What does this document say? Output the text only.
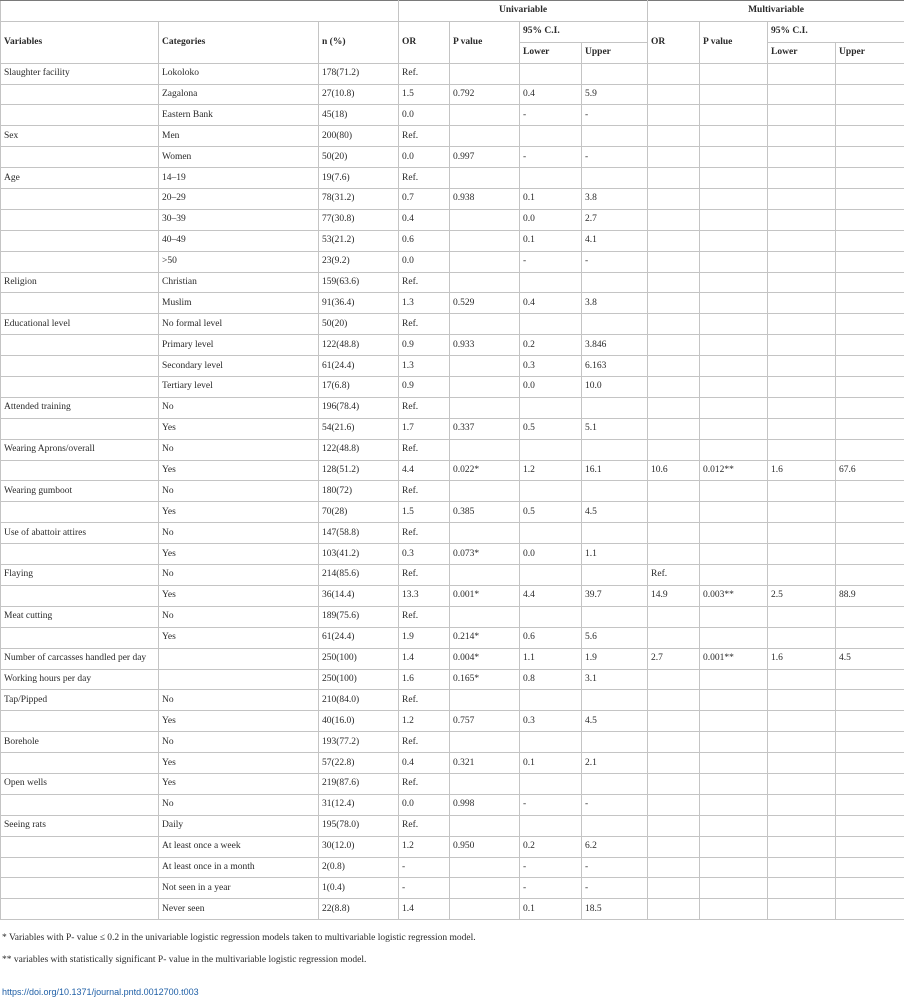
			Univariable				Multivariable			
Variables	Categories	n (%)	OR	P value	95% C.I.		OR	P value	95% C.I.	
					Lower	Upper			Lower	Upper
Slaughter facility	Lokoloko	178(71.2)	Ref.							
	Zagalona	27(10.8)	1.5	0.792	0.4	5.9				
	Eastern Bank	45(18)	0.0		-	-				
Sex	Men	200(80)	Ref.							
	Women	50(20)	0.0	0.997	-	-				
Age	14–19	19(7.6)	Ref.							
	20–29	78(31.2)	0.7	0.938	0.1	3.8				
	30–39	77(30.8)	0.4		0.0	2.7				
	40–49	53(21.2)	0.6		0.1	4.1				
	>50	23(9.2)	0.0		-	-				
Religion	Christian	159(63.6)	Ref.							
	Muslim	91(36.4)	1.3	0.529	0.4	3.8				
Educational level	No formal level	50(20)	Ref.							
	Primary level	122(48.8)	0.9	0.933	0.2	3.846				
	Secondary level	61(24.4)	1.3		0.3	6.163				
	Tertiary level	17(6.8)	0.9		0.0	10.0				
Attended training	No	196(78.4)	Ref.							
	Yes	54(21.6)	1.7	0.337	0.5	5.1				
Wearing Aprons/overall	No	122(48.8)	Ref.							
	Yes	128(51.2)	4.4	0.022*	1.2	16.1	10.6	0.012**	1.6	67.6
Wearing gumboot	No	180(72)	Ref.							
	Yes	70(28)	1.5	0.385	0.5	4.5				
Use of abattoir attires	No	147(58.8)	Ref.							
	Yes	103(41.2)	0.3	0.073*	0.0	1.1				
Flaying	No	214(85.6)	Ref.				Ref.			
	Yes	36(14.4)	13.3	0.001*	4.4	39.7	14.9	0.003**	2.5	88.9
Meat cutting	No	189(75.6)	Ref.							
	Yes	61(24.4)	1.9	0.214*	0.6	5.6				
Number of carcasses handled per day		250(100)	1.4	0.004*	1.1	1.9	2.7	0.001**	1.6	4.5
Working hours per day		250(100)	1.6	0.165*	0.8	3.1				
Tap/Pipped	No	210(84.0)	Ref.							
	Yes	40(16.0)	1.2	0.757	0.3	4.5				
Borehole	No	193(77.2)	Ref.							
	Yes	57(22.8)	0.4	0.321	0.1	2.1				
Open wells	Yes	219(87.6)	Ref.							
	No	31(12.4)	0.0	0.998	-	-				
Seeing rats	Daily	195(78.0)	Ref.							
	At least once a week	30(12.0)	1.2	0.950	0.2	6.2				
	At least once in a month	2(0.8)	-		-	-				
	Not seen in a year	1(0.4)	-		-	-				
	Never seen	22(8.8)	1.4		0.1	18.5				

* Variables with P- value ≤ 0.2 in the univariable logistic regression models taken to multivariable logistic regression model.

** variables with statistically significant P- value in the multivariable logistic regression model.

https://doi.org/10.1371/journal.pntd.0012700.t003
